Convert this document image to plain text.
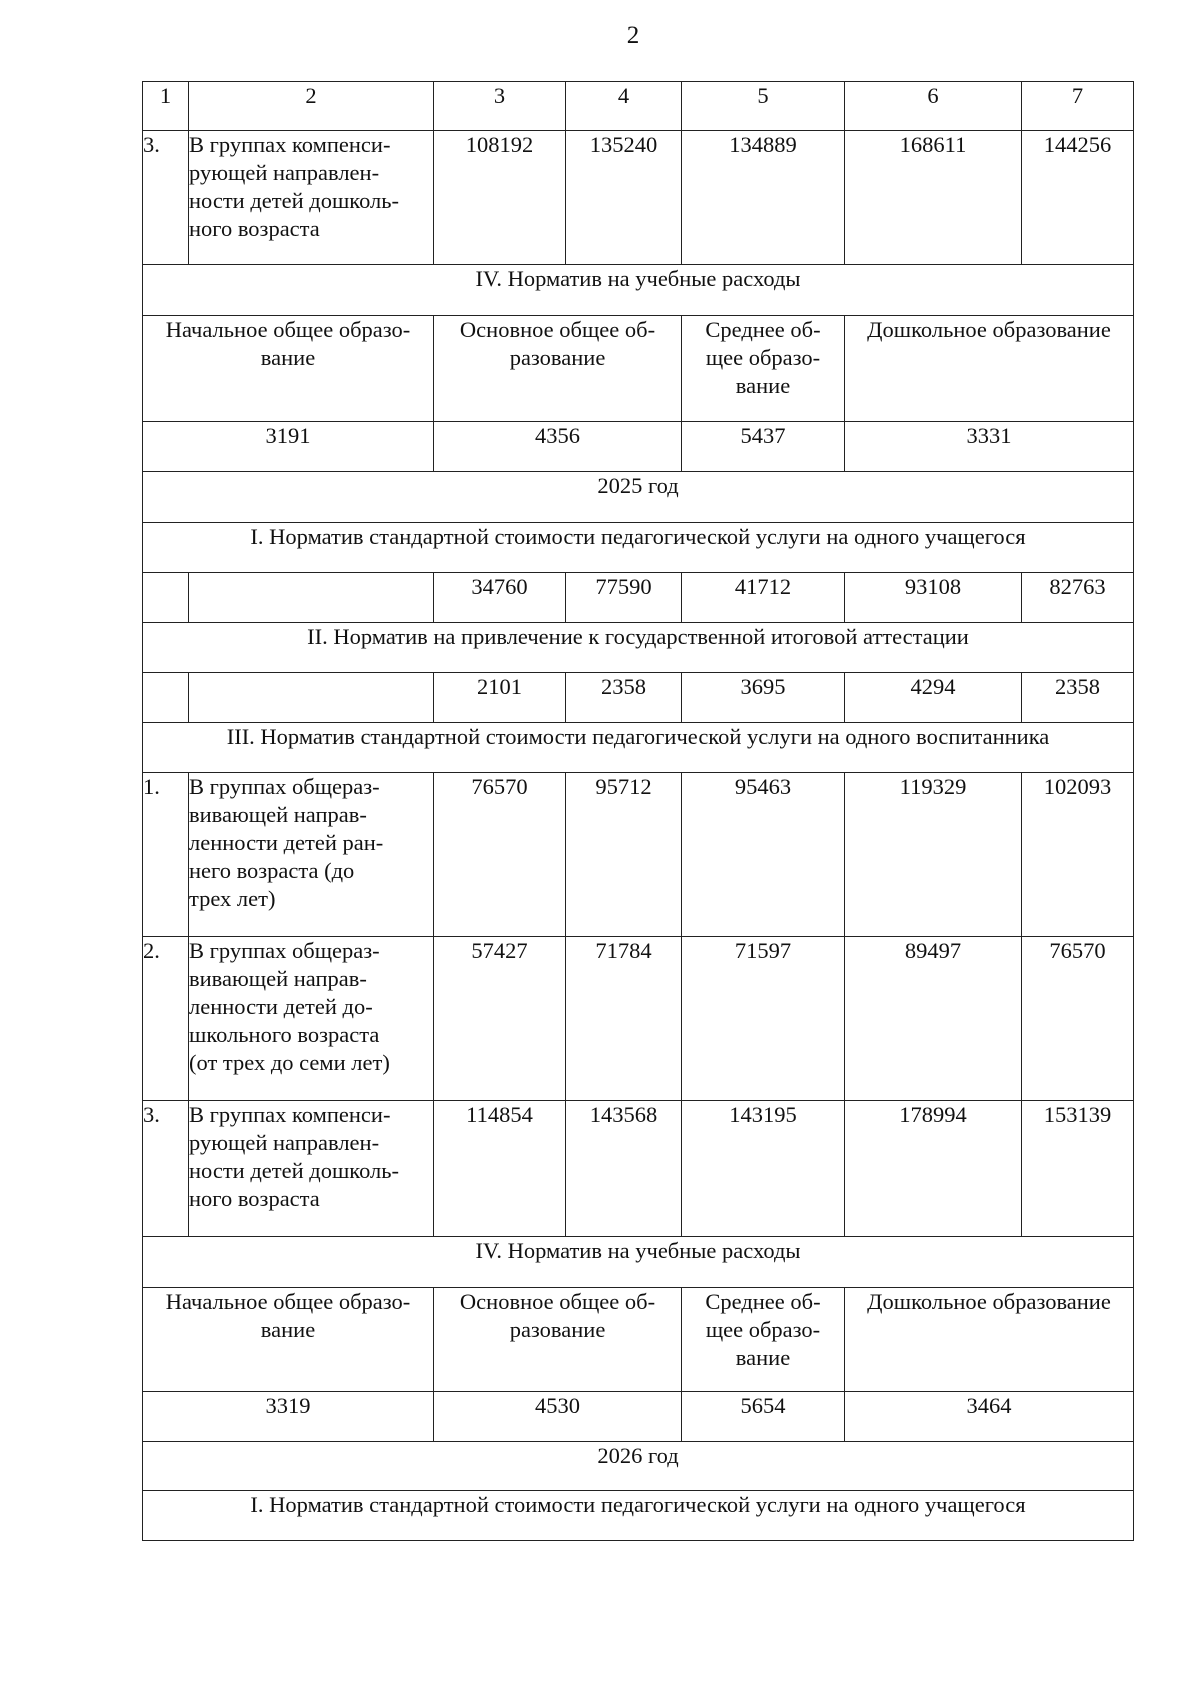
2
1	2	3	4	5	6	7
3.	В группах компенси-
рующей направлен-
ности детей дошколь-
ного возраста	108192	135240	134889	168611	144256
IV. Норматив на учебные расходы						
Начальное общее образо-
вание		Основное общее об-
разование		Среднее об-
щее образо-
вание	Дошкольное образование	
3191		4356		5437	3331	
2025 год						
I. Норматив стандартной стоимости педагогической услуги на одного учащегося						
		34760	77590	41712	93108	82763
II. Норматив на привлечение к государственной итоговой аттестации						
		2101	2358	3695	4294	2358
III. Норматив стандартной стоимости педагогической услуги на одного воспитанника						
1.	В группах общераз-
вивающей направ-
ленности детей ран-
него возраста (до
трех лет)	76570	95712	95463	119329	102093
2.	В группах общераз-
вивающей направ-
ленности детей до-
школьного возраста
(от трех до семи лет)	57427	71784	71597	89497	76570
3.	В группах компенси-
рующей направлен-
ности детей дошколь-
ного возраста	114854	143568	143195	178994	153139
IV. Норматив на учебные расходы						
Начальное общее образо-
вание		Основное общее об-
разование		Среднее об-
щее образо-
вание	Дошкольное образование	
3319		4530		5654	3464	
2026 год						
I. Норматив стандартной стоимости педагогической услуги на одного учащегося						
